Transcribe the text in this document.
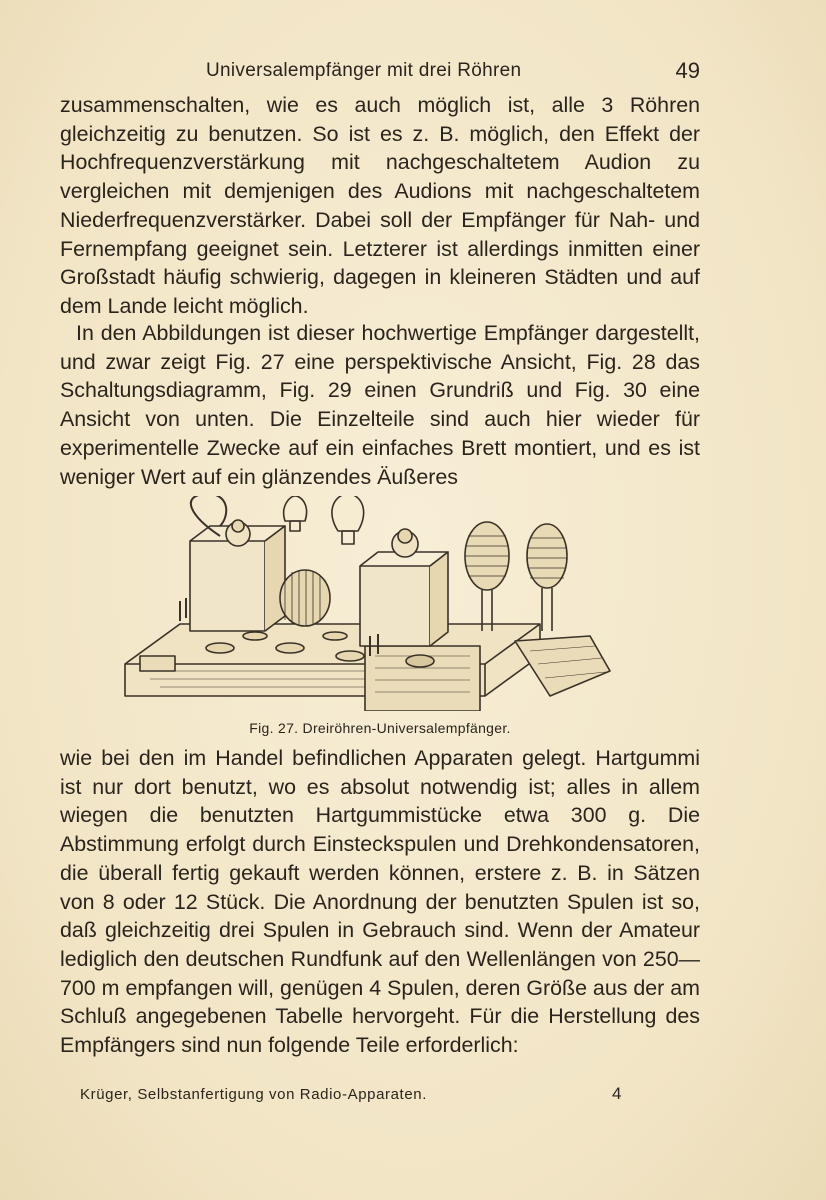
Universalempfänger mit drei Röhren	49

zusammenschalten, wie es auch möglich ist, alle 3 Röhren gleichzeitig zu benutzen. So ist es z. B. möglich, den Effekt der Hochfrequenzverstärkung mit nachgeschaltetem Audion zu vergleichen mit demjenigen des Audions mit nachgeschaltetem Niederfrequenzverstärker. Dabei soll der Empfänger für Nah- und Fernempfang geeignet sein. Letzterer ist allerdings inmitten einer Großstadt häufig schwierig, dagegen in kleineren Städten und auf dem Lande leicht möglich.

In den Abbildungen ist dieser hochwertige Empfänger dargestellt, und zwar zeigt Fig. 27 eine perspektivische Ansicht, Fig. 28 das Schaltungsdiagramm, Fig. 29 einen Grundriß und Fig. 30 eine Ansicht von unten. Die Einzelteile sind auch hier wieder für experimentelle Zwecke auf ein einfaches Brett montiert, und es ist weniger Wert auf ein glänzendes Äußeres

Fig. 27. Dreiröhren-Universalempfänger.

wie bei den im Handel befindlichen Apparaten gelegt. Hartgummi ist nur dort benutzt, wo es absolut notwendig ist; alles in allem wiegen die benutzten Hartgummistücke etwa 300 g. Die Abstimmung erfolgt durch Einsteckspulen und Drehkondensatoren, die überall fertig gekauft werden können, erstere z. B. in Sätzen von 8 oder 12 Stück. Die Anordnung der benutzten Spulen ist so, daß gleichzeitig drei Spulen in Gebrauch sind. Wenn der Amateur lediglich den deutschen Rundfunk auf den Wellenlängen von 250—700 m empfangen will, genügen 4 Spulen, deren Größe aus der am Schluß angegebenen Tabelle hervorgeht. Für die Herstellung des Empfängers sind nun folgende Teile erforderlich:

Krüger, Selbstanfertigung von Radio-Apparaten.	4
